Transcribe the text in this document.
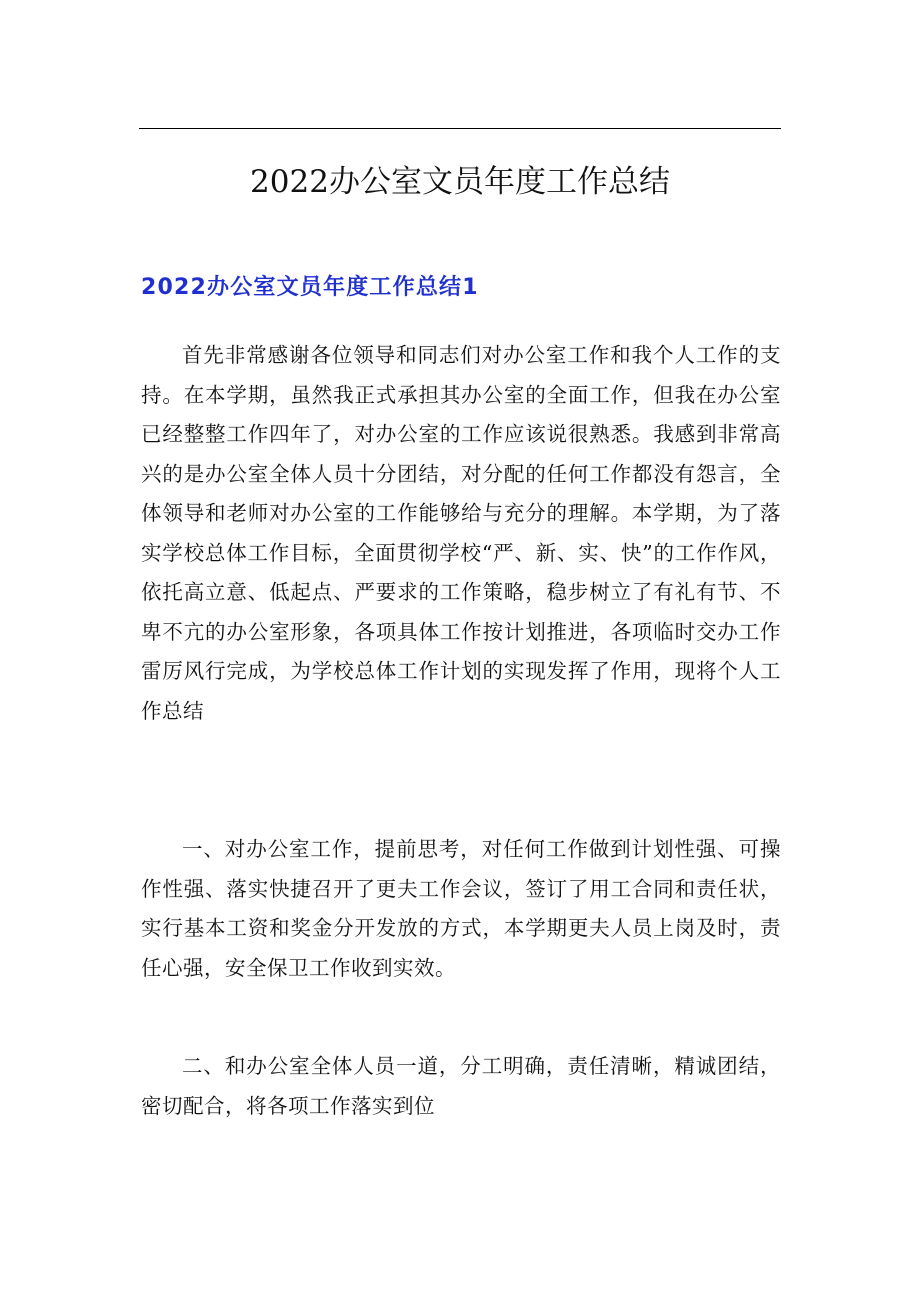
2022办公室文员年度工作总结
2022办公室文员年度工作总结1

首先非常感谢各位领导和同志们对办公室工作和我个人工作的支持。在本学期，虽然我正式承担其办公室的全面工作，但我在办公室已经整整工作四年了，对办公室的工作应该说很熟悉。我感到非常高兴的是办公室全体人员十分团结，对分配的任何工作都没有怨言，全体领导和老师对办公室的工作能够给与充分的理解。本学期，为了落实学校总体工作目标，全面贯彻学校“严、新、实、快”的工作作风，依托高立意、低起点、严要求的工作策略，稳步树立了有礼有节、不卑不亢的办公室形象，各项具体工作按计划推进，各项临时交办工作雷厉风行完成，为学校总体工作计划的实现发挥了作用，现将个人工作总结

一、对办公室工作，提前思考，对任何工作做到计划性强、可操作性强、落实快捷召开了更夫工作会议，签订了用工合同和责任状，实行基本工资和奖金分开发放的方式，本学期更夫人员上岗及时，责任心强，安全保卫工作收到实效。

二、和办公室全体人员一道，分工明确，责任清晰，精诚团结，密切配合，将各项工作落实到位
